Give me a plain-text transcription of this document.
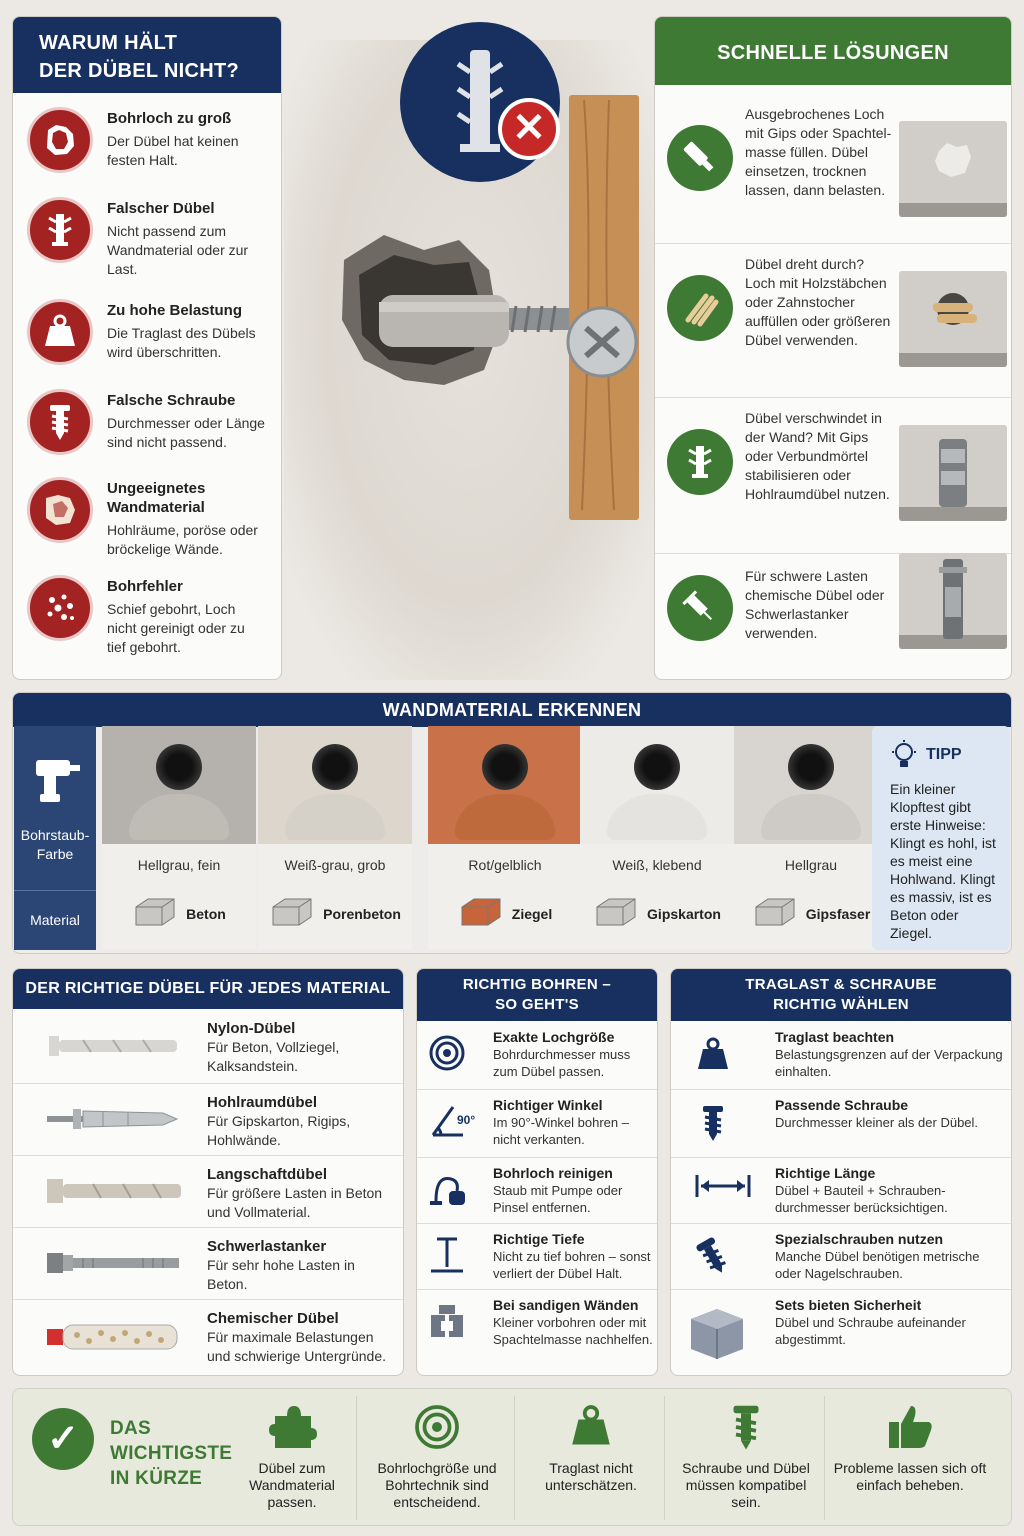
✕
WARUM HÄLT
DER DÜBEL NICHT?
Bohrloch zu groß
Der Dübel hat keinen festen Halt.
Falscher Dübel
Nicht passend zum Wandmaterial oder zur Last.
Zu hohe Belastung
Die Traglast des Dübels wird überschritten.
Falsche Schraube
Durchmesser oder Länge sind nicht passend.
Ungeeignetes Wandmaterial
Hohlräume, poröse oder bröckelige Wände.
Bohrfehler
Schief gebohrt, Loch nicht gereinigt oder zu tief gebohrt.
SCHNELLE LÖSUNGEN
Ausgebrochenes Loch mit Gips oder Spachtel-masse füllen. Dübel einsetzen, trocknen lassen, dann belasten.
Dübel dreht durch? Loch mit Holzstäbchen oder Zahnstocher auffüllen oder größeren Dübel verwenden.
Dübel verschwindet in der Wand? Mit Gips oder Verbundmörtel stabilisieren oder Hohlraumdübel nutzen.
Für schwere Lasten chemische Dübel oder Schwerlastanker verwenden.
WANDMATERIAL ERKENNEN
Bohrstaub-Farbe
Material
Hellgrau, fein
Beton
Weiß-grau, grob
Porenbeton
Rot/gelblich
Ziegel
Weiß, klebend
Gipskarton
Hellgrau
Gipsfaser
TIPP
Ein kleiner Klopftest gibt erste Hinweise: Klingt es hohl, ist es meist eine Hohlwand. Klingt es massiv, ist es Beton oder Ziegel.
DER RICHTIGE DÜBEL FÜR JEDES MATERIAL
Nylon-Dübel
Für Beton, Vollziegel, Kalksandstein.
Hohlraumdübel
Für Gipskarton, Rigips, Hohlwände.
Langschaftdübel
Für größere Lasten in Beton und Vollmaterial.
Schwerlastanker
Für sehr hohe Lasten in Beton.
Chemischer Dübel
Für maximale Belastungen und schwierige Untergründe.
RICHTIG BOHREN –
SO GEHT'S
Exakte Lochgröße
Bohrdurchmesser muss zum Dübel passen.
90°
Richtiger Winkel
Im 90°-Winkel bohren – nicht verkanten.
Bohrloch reinigen
Staub mit Pumpe oder Pinsel entfernen.
Richtige Tiefe
Nicht zu tief bohren – sonst verliert der Dübel Halt.
Bei sandigen Wänden
Kleiner vorbohren oder mit Spachtelmasse nachhelfen.
TRAGLAST & SCHRAUBE
RICHTIG WÄHLEN
Traglast beachten
Belastungsgrenzen auf der Verpackung einhalten.
Passende Schraube
Durchmesser kleiner als der Dübel.
Richtige Länge
Dübel + Bauteil + Schrauben-durchmesser berücksichtigen.
Spezialschrauben nutzen
Manche Dübel benötigen metrische oder Nagelschrauben.
Sets bieten Sicherheit
Dübel und Schraube aufeinander abgestimmt.
✓	DAS
WICHTIGSTE
IN KÜRZE	Dübel zum Wandmaterial passen.
Bohrlochgröße und Bohrtechnik sind entscheidend.
Traglast nicht unterschätzen.
Schraube und Dübel müssen kompatibel sein.
Probleme lassen sich oft einfach beheben.
